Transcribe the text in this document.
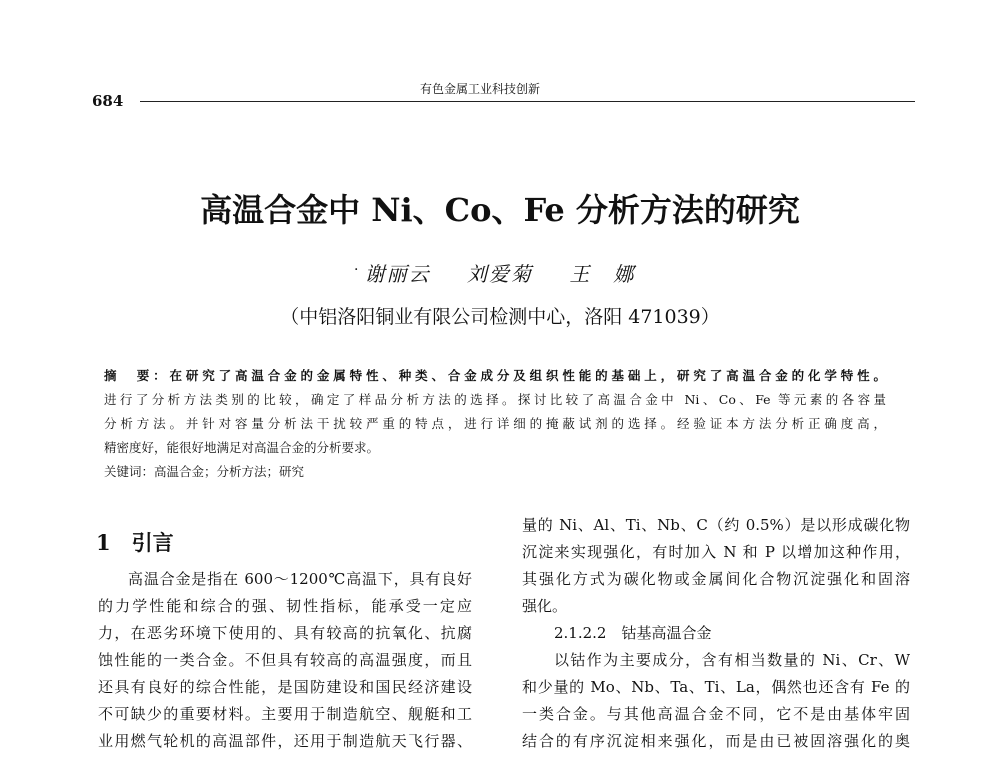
有色金属工业科技创新
684
高温合金中 Ni、Co、Fe 分析方法的研究
· 谢丽云 刘爱菊 王　娜
（中铝洛阳铜业有限公司检测中心，洛阳 471039）
摘　要：在研究了高温合金的金属特性、种类、合金成分及组织性能的基础上，研究了高温合金的化学特性。
进行了分析方法类别的比较，确定了样品分析方法的选择。探讨比较了高温合金中 Ni、Co、Fe 等元素的各容量
分析方法。并针对容量分析法干扰较严重的特点，进行详细的掩蔽试剂的选择。经验证本方法分析正确度高，
精密度好，能很好地满足对高温合金的分析要求。
关键词：高温合金；分析方法；研究
1　引言
高温合金是指在 600～1200℃高温下，具有良好
的力学性能和综合的强、韧性指标，能承受一定应
力，在恶劣环境下使用的、具有较高的抗氧化、抗腐
蚀性能的一类合金。不但具有较高的高温强度，而且
还具有良好的综合性能，是国防建设和国民经济建设
不可缺少的重要材料。主要用于制造航空、舰艇和工
业用燃气轮机的高温部件，还用于制造航天飞行器、
量的 Ni、Al、Ti、Nb、C（约 0.5%）是以形成碳化物
沉淀来实现强化，有时加入 N 和 P 以增加这种作用，
其强化方式为碳化物或金属间化合物沉淀强化和固溶
强化。
2.1.2.2　钴基高温合金
以钴作为主要成分，含有相当数量的 Ni、Cr、W
和少量的 Mo、Nb、Ta、Ti、La，偶然也还含有 Fe 的
一类合金。与其他高温合金不同，它不是由基体牢固
结合的有序沉淀相来强化，而是由已被固溶强化的奥
